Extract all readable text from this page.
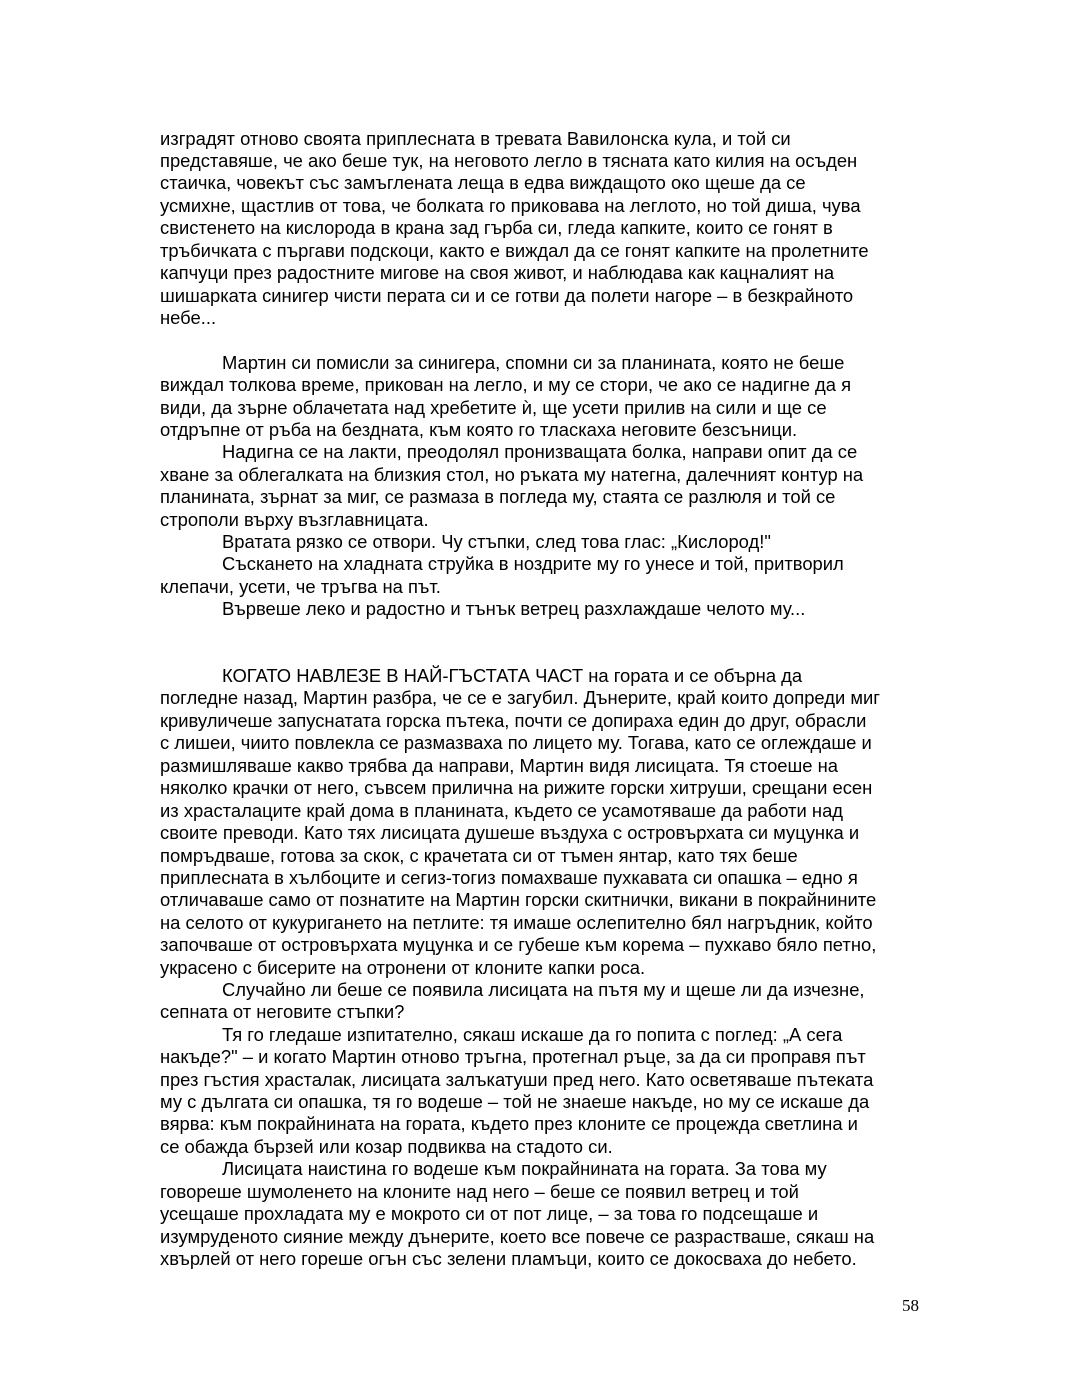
изградят отново своята приплесната в тревата Вавилонска кула, и той си

представяше, че ако беше тук, на неговото легло в тясната като килия на осъден

стаичка, човекът със замъглената леща в едва виждащото око щеше да се

усмихне, щастлив от това, че болката го приковава на леглото, но той диша, чува

свистенето на кислорода в крана зад гърба си, гледа капките, които се гонят в

тръбичката с пъргави подскоци, както е виждал да се гонят капките на пролетните

капчуци през радостните мигове на своя живот, и наблюдава как кацналият на

шишарката синигер чисти перата си и се готви да полети нагоре – в безкрайното

небе...

Мартин си помисли за синигера, спомни си за планината, която не беше

виждал толкова време, прикован на легло, и му се стори, че ако се надигне да я

види, да зърне облачетата над хребетите ѝ, ще усети прилив на сили и ще се

отдръпне от ръба на бездната, към която го тласкаха неговите безсъници.

Надигна се на лакти, преодолял пронизващата болка, направи опит да се

хване за облегалката на близкия стол, но ръката му натегна, далечният контур на

планината, зърнат за миг, се размаза в погледа му, стаята се разлюля и той се

строполи върху възглавницата.

Вратата рязко се отвори. Чу стъпки, след това глас: „Кислород!"

Съскането на хладната струйка в ноздрите му го унесе и той, притворил

клепачи, усети, че тръгва на път.

Вървеше леко и радостно и тънък ветрец разхлаждаше челото му...

КОГАТО НАВЛЕЗЕ В НАЙ-ГЪСТАТА ЧАСТ на гората и се обърна да

погледне назад, Мартин разбра, че се е загубил. Дънерите, край които допреди миг

кривуличеше запуснатата горска пътека, почти се допираха един до друг, обрасли

с лишеи, чиито повлекла се размазваха по лицето му. Тогава, като се оглеждаше и

размишляваше какво трябва да направи, Мартин видя лисицата. Тя стоеше на

няколко крачки от него, съвсем прилична на рижите горски хитруши, срещани есен

из храсталаците край дома в планината, където се усамотяваше да работи над

своите преводи. Като тях лисицата душеше въздуха с островърхата си муцунка и

помръдваше, готова за скок, с крачетата си от тъмен янтар, като тях беше

приплесната в хълбоците и сегиз-тогиз помахваше пухкавата си опашка – едно я

отличаваше само от познатите на Мартин горски скитнички, викани в покрайнините

на селото от кукуригането на петлите: тя имаше ослепително бял нагръдник, който

започваше от островърхата муцунка и се губеше към корема – пухкаво бяло петно,

украсено с бисерите на отронени от клоните капки роса.

Случайно ли беше се появила лисицата на пътя му и щеше ли да изчезне,

сепната от неговите стъпки?

Тя го гледаше изпитателно, сякаш искаше да го попита с поглед: „А сега

накъде?" – и когато Мартин отново тръгна, протегнал ръце, за да си проправя път

през гъстия храсталак, лисицата залъкатуши пред него. Като осветяваше пътеката

му с дългата си опашка, тя го водеше – той не знаеше накъде, но му се искаше да

вярва: към покрайнината на гората, където през клоните се процежда светлина и

се обажда бързей или козар подвиква на стадото си.

Лисицата наистина го водеше към покрайнината на гората. За това му

говореше шумоленето на клоните над него – беше се появил ветрец и той

усещаше прохладата му е мокрото си от пот лице, – за това го подсещаше и

изумруденото сияние между дънерите, което все повече се разрастваше, сякаш на

хвърлей от него гореше огън със зелени пламъци, които се докосваха до небето.

58
